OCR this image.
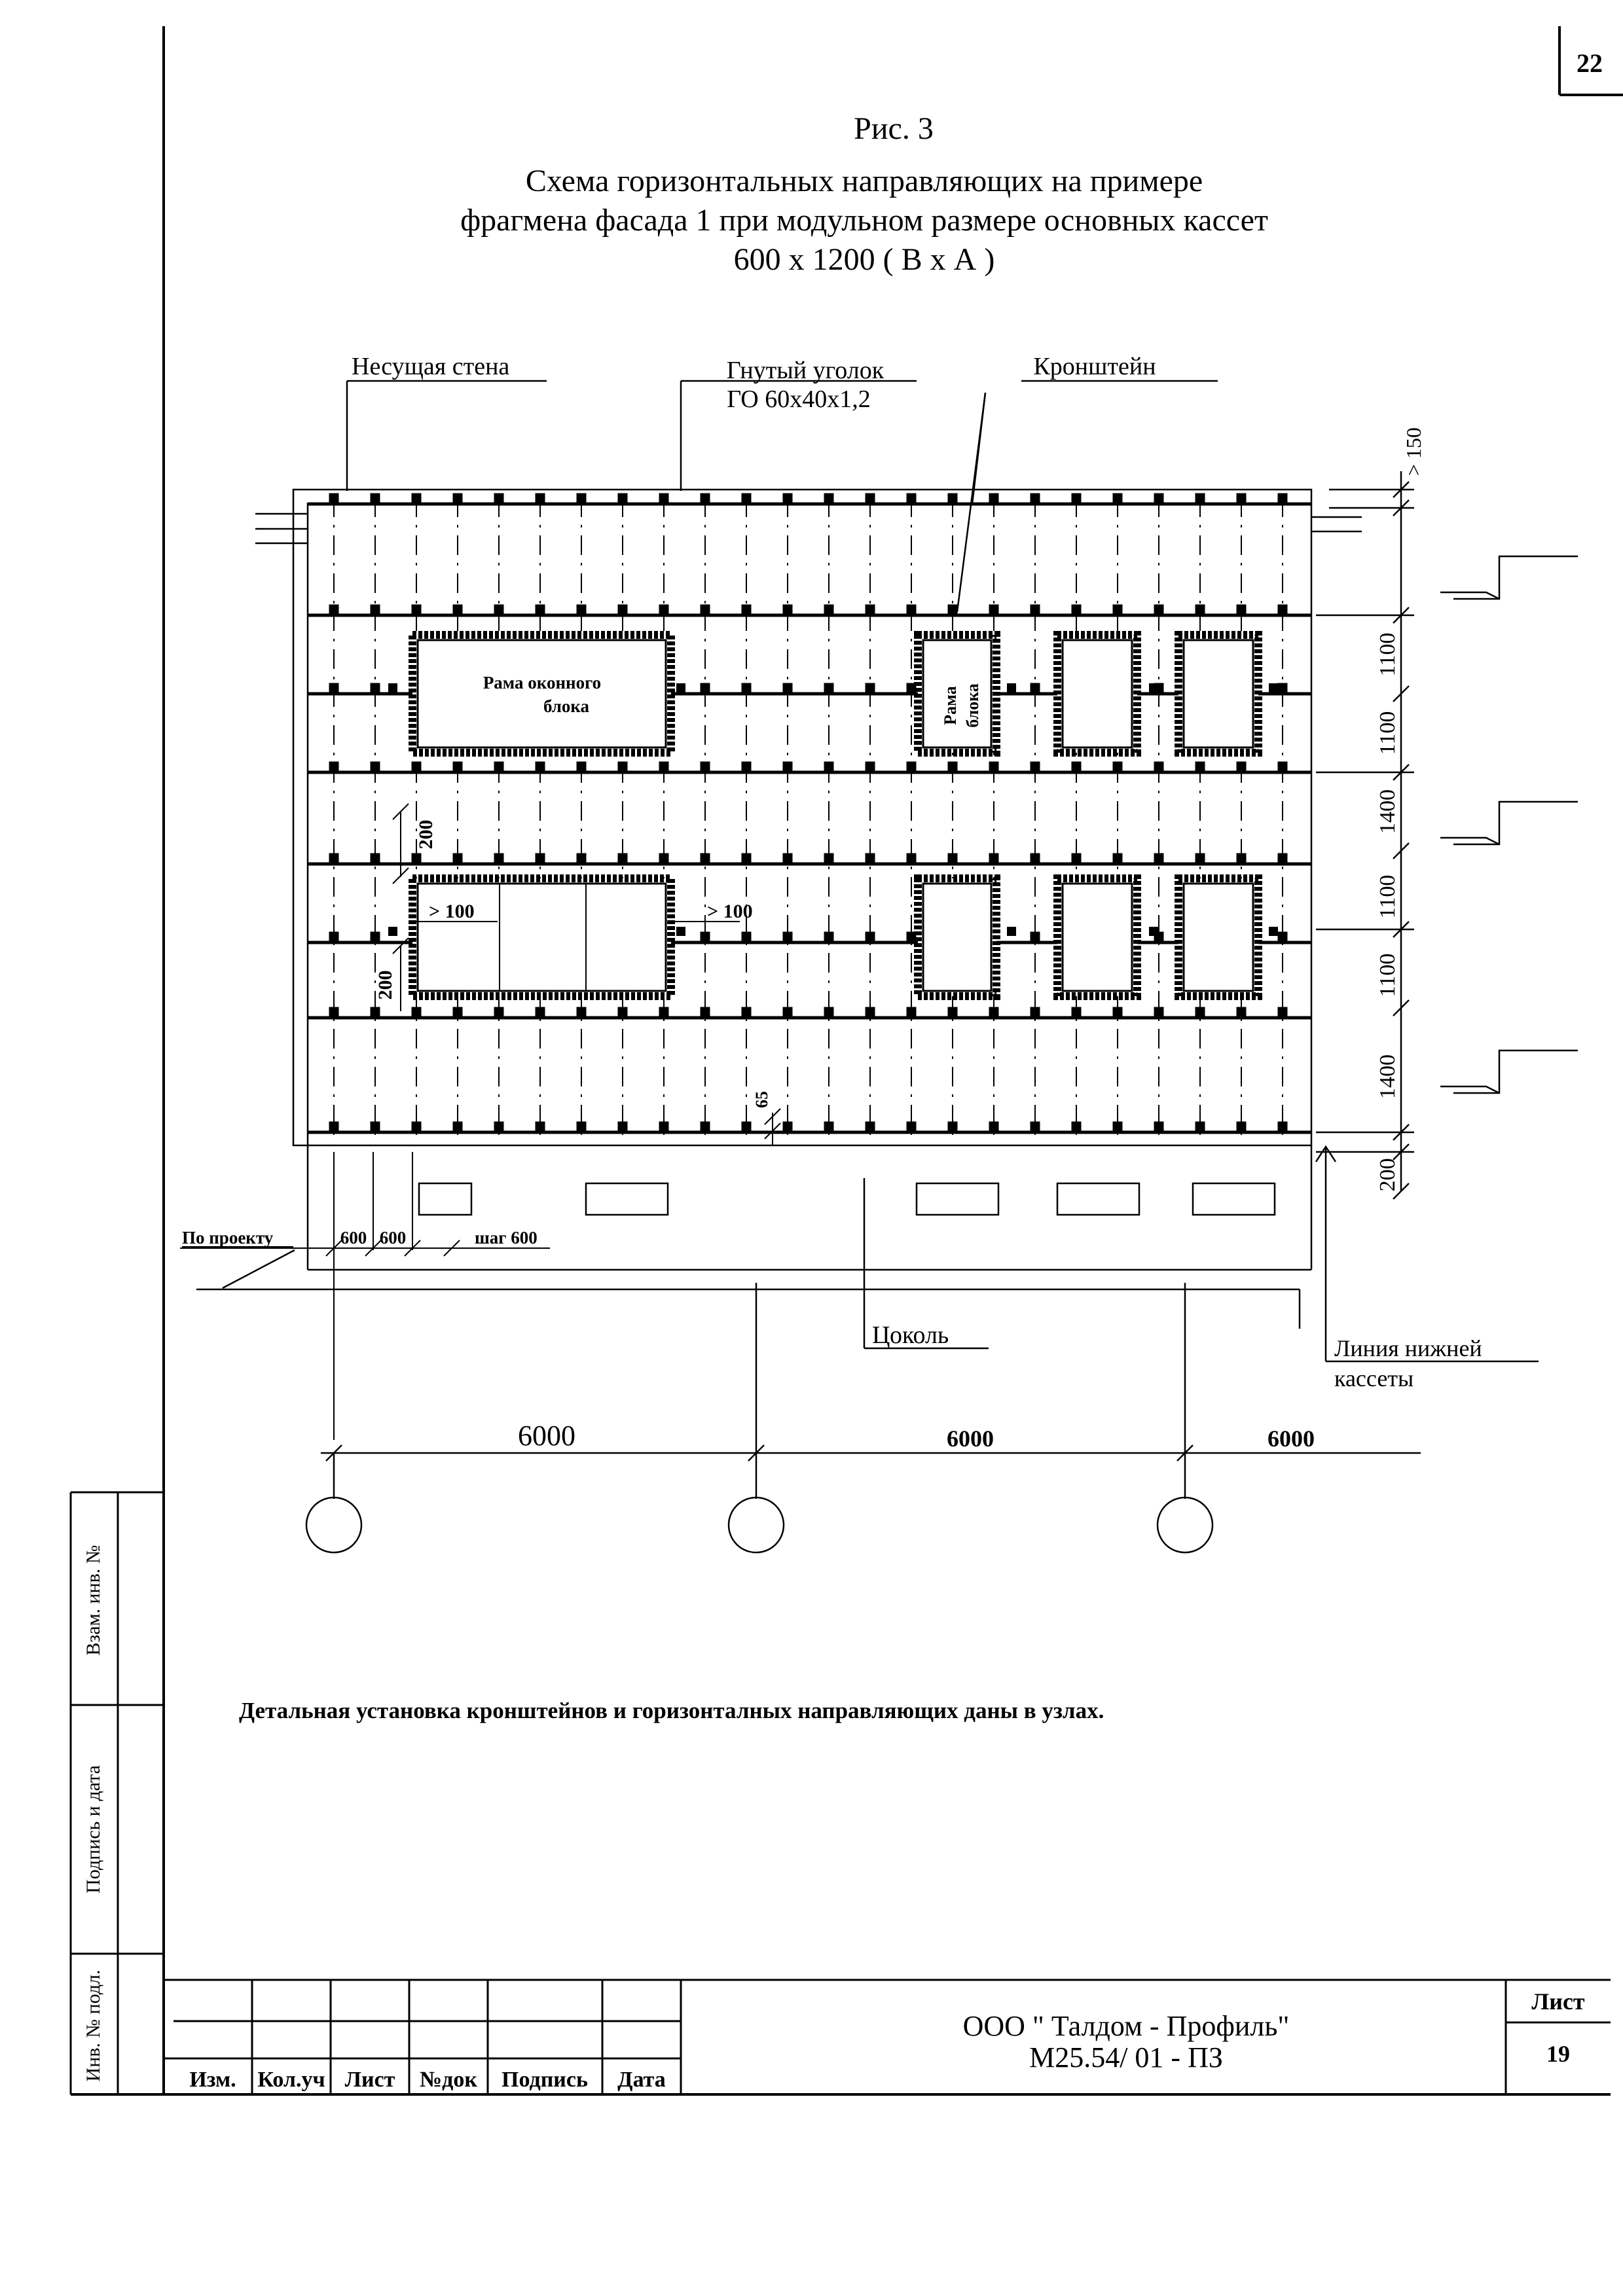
22
Взам. инв. №
Подпись и дата
Инв. № подл.
Рис. 3
Схема горизонтальных направляющих на примере
фрагмена фасада 1 при модульном размере основных кассет
600 х 1200 ( В х А )
Несущая стена	Гнутый уголок
ГО 60х40х1,2
Кронштейн
Рама оконного
блока	Рама блока
200
200
> 100	> 100
65
> 150
1100
1100
1400
1100
1100
1400
200
Цоколь	Линия нижней
кассеты
По проекту	600 600	шаг 600
6000	6000	6000
Детальная установка кронштейнов и горизонталных направляющих даны в узлах.
Изм. Кол.уч Лист №док Подпись Дата
ООО " Талдом - Профиль"
М25.54/ 01 - ПЗ
Лист
19
